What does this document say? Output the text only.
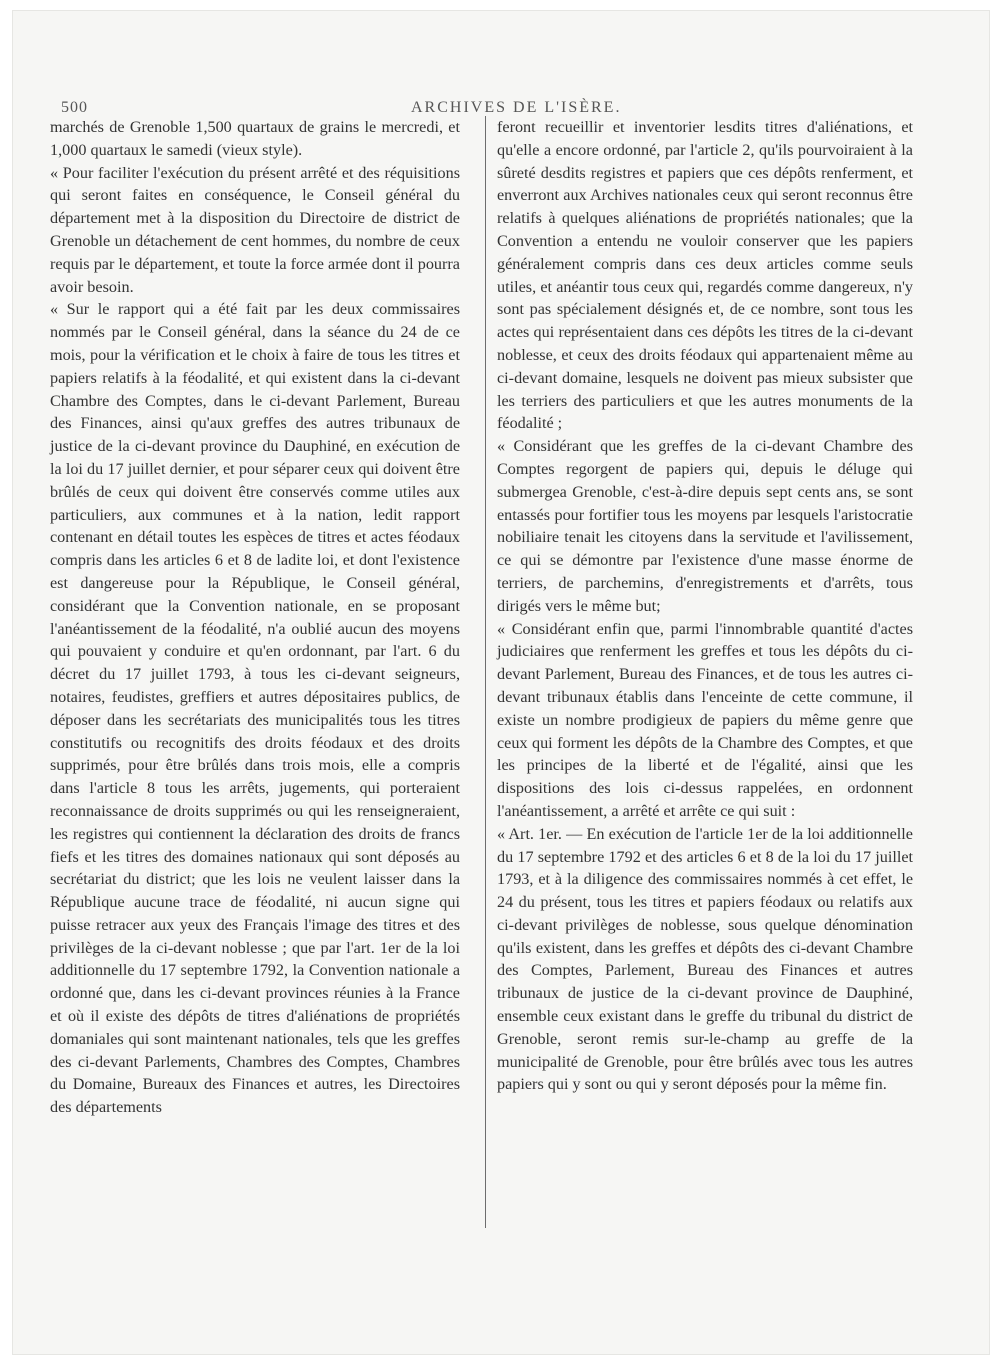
500	ARCHIVES DE L'ISÈRE.

marchés de Grenoble 1,500 quartaux de grains le mercredi, et 1,000 quartaux le samedi (vieux style).

« Pour faciliter l'exécution du présent arrêté et des réquisitions qui seront faites en conséquence, le Conseil général du département met à la disposition du Directoire de district de Grenoble un détachement de cent hommes, du nombre de ceux requis par le département, et toute la force armée dont il pourra avoir besoin.

« Sur le rapport qui a été fait par les deux commissaires nommés par le Conseil général, dans la séance du 24 de ce mois, pour la vérification et le choix à faire de tous les titres et papiers relatifs à la féodalité, et qui existent dans la ci-devant Chambre des Comptes, dans le ci-devant Parlement, Bureau des Finances, ainsi qu'aux greffes des autres tribunaux de justice de la ci-devant province du Dauphiné, en exécution de la loi du 17 juillet dernier, et pour séparer ceux qui doivent être brûlés de ceux qui doivent être conservés comme utiles aux particuliers, aux communes et à la nation, ledit rapport contenant en détail toutes les espèces de titres et actes féodaux compris dans les articles 6 et 8 de ladite loi, et dont l'existence est dangereuse pour la République, le Conseil général, considérant que la Convention nationale, en se proposant l'anéantissement de la féodalité, n'a oublié aucun des moyens qui pouvaient y conduire et qu'en ordonnant, par l'art. 6 du décret du 17 juillet 1793, à tous les ci-devant seigneurs, notaires, feudistes, greffiers et autres dépositaires publics, de déposer dans les secrétariats des municipalités tous les titres constitutifs ou recognitifs des droits féodaux et des droits supprimés, pour être brûlés dans trois mois, elle a compris dans l'article 8 tous les arrêts, jugements, qui porteraient reconnaissance de droits supprimés ou qui les renseigneraient, les registres qui contiennent la déclaration des droits de francs fiefs et les titres des domaines nationaux qui sont déposés au secrétariat du district; que les lois ne veulent laisser dans la République aucune trace de féodalité, ni aucun signe qui puisse retracer aux yeux des Français l'image des titres et des privilèges de la ci-devant noblesse ; que par l'art. 1er de la loi additionnelle du 17 septembre 1792, la Convention nationale a ordonné que, dans les ci-devant provinces réunies à la France et où il existe des dépôts de titres d'aliénations de propriétés domaniales qui sont maintenant nationales, tels que les greffes des ci-devant Parlements, Chambres des Comptes, Chambres du Domaine, Bureaux des Finances et autres, les Directoires des départements

feront recueillir et inventorier lesdits titres d'aliénations, et qu'elle a encore ordonné, par l'article 2, qu'ils pourvoiraient à la sûreté desdits registres et papiers que ces dépôts renferment, et enverront aux Archives nationales ceux qui seront reconnus être relatifs à quelques aliénations de propriétés nationales; que la Convention a entendu ne vouloir conserver que les papiers généralement compris dans ces deux articles comme seuls utiles, et anéantir tous ceux qui, regardés comme dangereux, n'y sont pas spécialement désignés et, de ce nombre, sont tous les actes qui représentaient dans ces dépôts les titres de la ci-devant noblesse, et ceux des droits féodaux qui appartenaient même au ci-devant domaine, lesquels ne doivent pas mieux subsister que les terriers des particuliers et que les autres monuments de la féodalité ;

« Considérant que les greffes de la ci-devant Chambre des Comptes regorgent de papiers qui, depuis le déluge qui submergea Grenoble, c'est-à-dire depuis sept cents ans, se sont entassés pour fortifier tous les moyens par lesquels l'aristocratie nobiliaire tenait les citoyens dans la servitude et l'avilissement, ce qui se démontre par l'existence d'une masse énorme de terriers, de parchemins, d'enregistrements et d'arrêts, tous dirigés vers le même but;

« Considérant enfin que, parmi l'innombrable quantité d'actes judiciaires que renferment les greffes et tous les dépôts du ci-devant Parlement, Bureau des Finances, et de tous les autres ci-devant tribunaux établis dans l'enceinte de cette commune, il existe un nombre prodigieux de papiers du même genre que ceux qui forment les dépôts de la Chambre des Comptes, et que les principes de la liberté et de l'égalité, ainsi que les dispositions des lois ci-dessus rappelées, en ordonnent l'anéantissement, a arrêté et arrête ce qui suit :

« Art. 1er. — En exécution de l'article 1er de la loi additionnelle du 17 septembre 1792 et des articles 6 et 8 de la loi du 17 juillet 1793, et à la diligence des commissaires nommés à cet effet, le 24 du présent, tous les titres et papiers féodaux ou relatifs aux ci-devant privilèges de noblesse, sous quelque dénomination qu'ils existent, dans les greffes et dépôts des ci-devant Chambre des Comptes, Parlement, Bureau des Finances et autres tribunaux de justice de la ci-devant province de Dauphiné, ensemble ceux existant dans le greffe du tribunal du district de Grenoble, seront remis sur-le-champ au greffe de la municipalité de Grenoble, pour être brûlés avec tous les autres papiers qui y sont ou qui y seront déposés pour la même fin.
